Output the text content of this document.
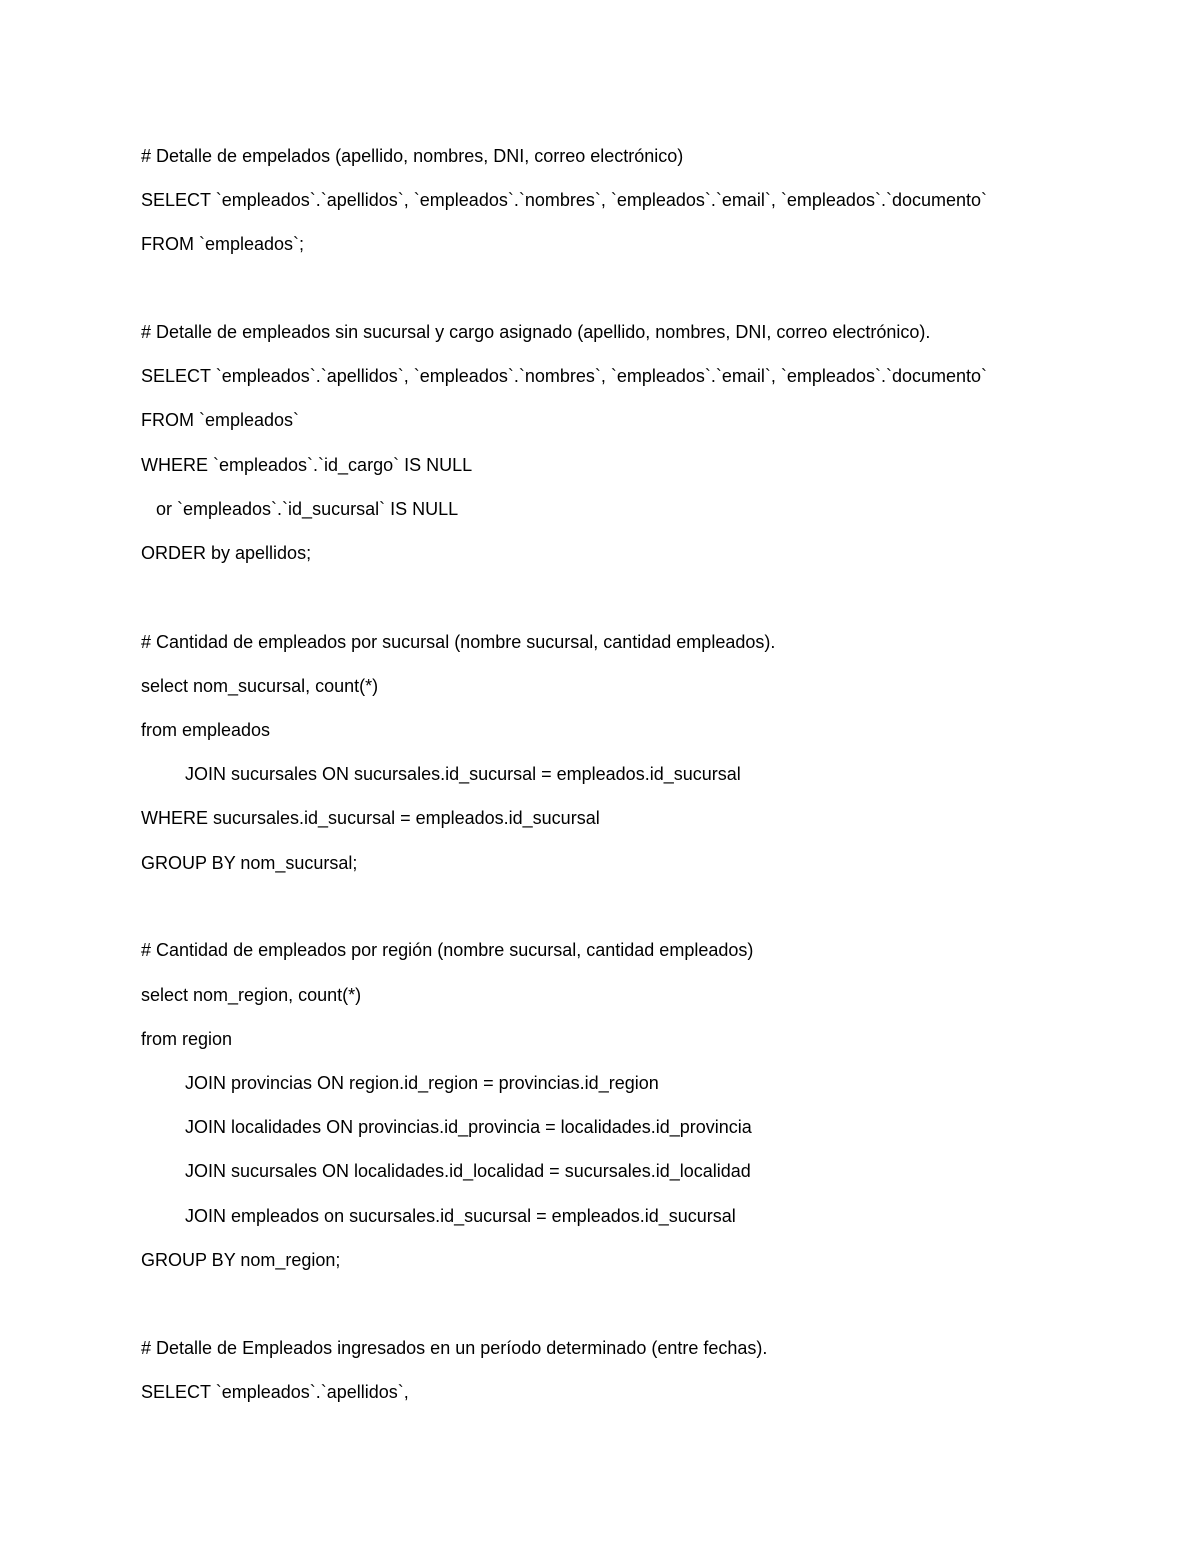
# Detalle de empelados (apellido, nombres, DNI, correo electrónico)
SELECT `empleados`.`apellidos`, `empleados`.`nombres`, `empleados`.`email`, `empleados`.`documento`
FROM `empleados`;
# Detalle de empleados sin sucursal y cargo asignado (apellido, nombres, DNI, correo electrónico).
SELECT `empleados`.`apellidos`, `empleados`.`nombres`, `empleados`.`email`, `empleados`.`documento`
FROM `empleados`
WHERE `empleados`.`id_cargo` IS NULL
or `empleados`.`id_sucursal` IS NULL
ORDER by apellidos;
# Cantidad de empleados por sucursal (nombre sucursal, cantidad empleados).
select nom_sucursal, count(*)
from empleados
JOIN sucursales ON sucursales.id_sucursal = empleados.id_sucursal
WHERE sucursales.id_sucursal = empleados.id_sucursal
GROUP BY nom_sucursal;
# Cantidad de empleados por región (nombre sucursal, cantidad empleados)
select nom_region, count(*)
from region
JOIN provincias ON region.id_region = provincias.id_region
JOIN localidades ON provincias.id_provincia = localidades.id_provincia
JOIN sucursales ON localidades.id_localidad = sucursales.id_localidad
JOIN empleados on sucursales.id_sucursal = empleados.id_sucursal
GROUP BY nom_region;
# Detalle de Empleados ingresados en un período determinado (entre fechas).
SELECT `empleados`.`apellidos`,
